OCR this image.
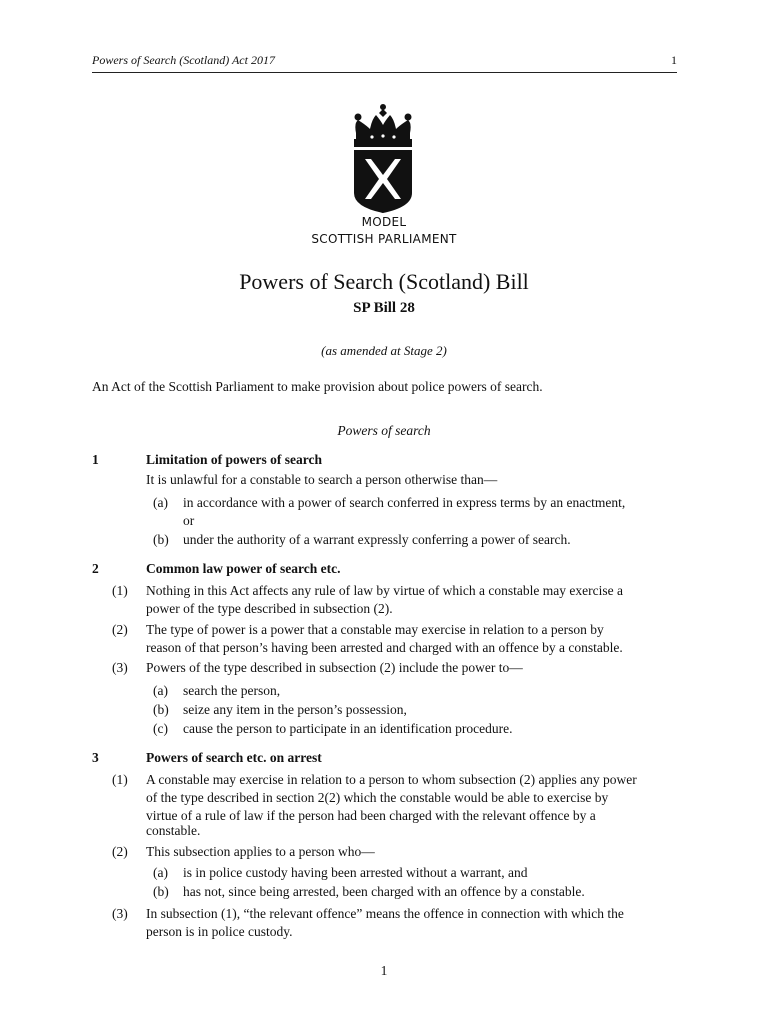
Powers of Search (Scotland) Act 2017	1
MODEL
SCOTTISH PARLIAMENT
Powers of Search (Scotland) Bill
SP Bill 28
(as amended at Stage 2)
An Act of the Scottish Parliament to make provision about police powers of search.
Powers of search
1	Limitation of powers of search
It is unlawful for a constable to search a person otherwise than—
(a) in accordance with a power of search conferred in express terms by an enactment,
or
(b) under the authority of a warrant expressly conferring a power of search.
2	Common law power of search etc.
(1) Nothing in this Act affects any rule of law by virtue of which a constable may exercise a
power of the type described in subsection (2).
(2) The type of power is a power that a constable may exercise in relation to a person by
reason of that person’s having been arrested and charged with an offence by a constable.
(3) Powers of the type described in subsection (2) include the power to—
(a) search the person,
(b) seize any item in the person’s possession,
(c) cause the person to participate in an identification procedure.
3	Powers of search etc. on arrest
(1) A constable may exercise in relation to a person to whom subsection (2) applies any power
of the type described in section 2(2) which the constable would be able to exercise by
virtue of a rule of law if the person had been charged with the relevant offence by a
constable.
(2) This subsection applies to a person who—
(a) is in police custody having been arrested without a warrant, and
(b) has not, since being arrested, been charged with an offence by a constable.
(3) In subsection (1), “the relevant offence” means the offence in connection with which the
person is in police custody.
1
